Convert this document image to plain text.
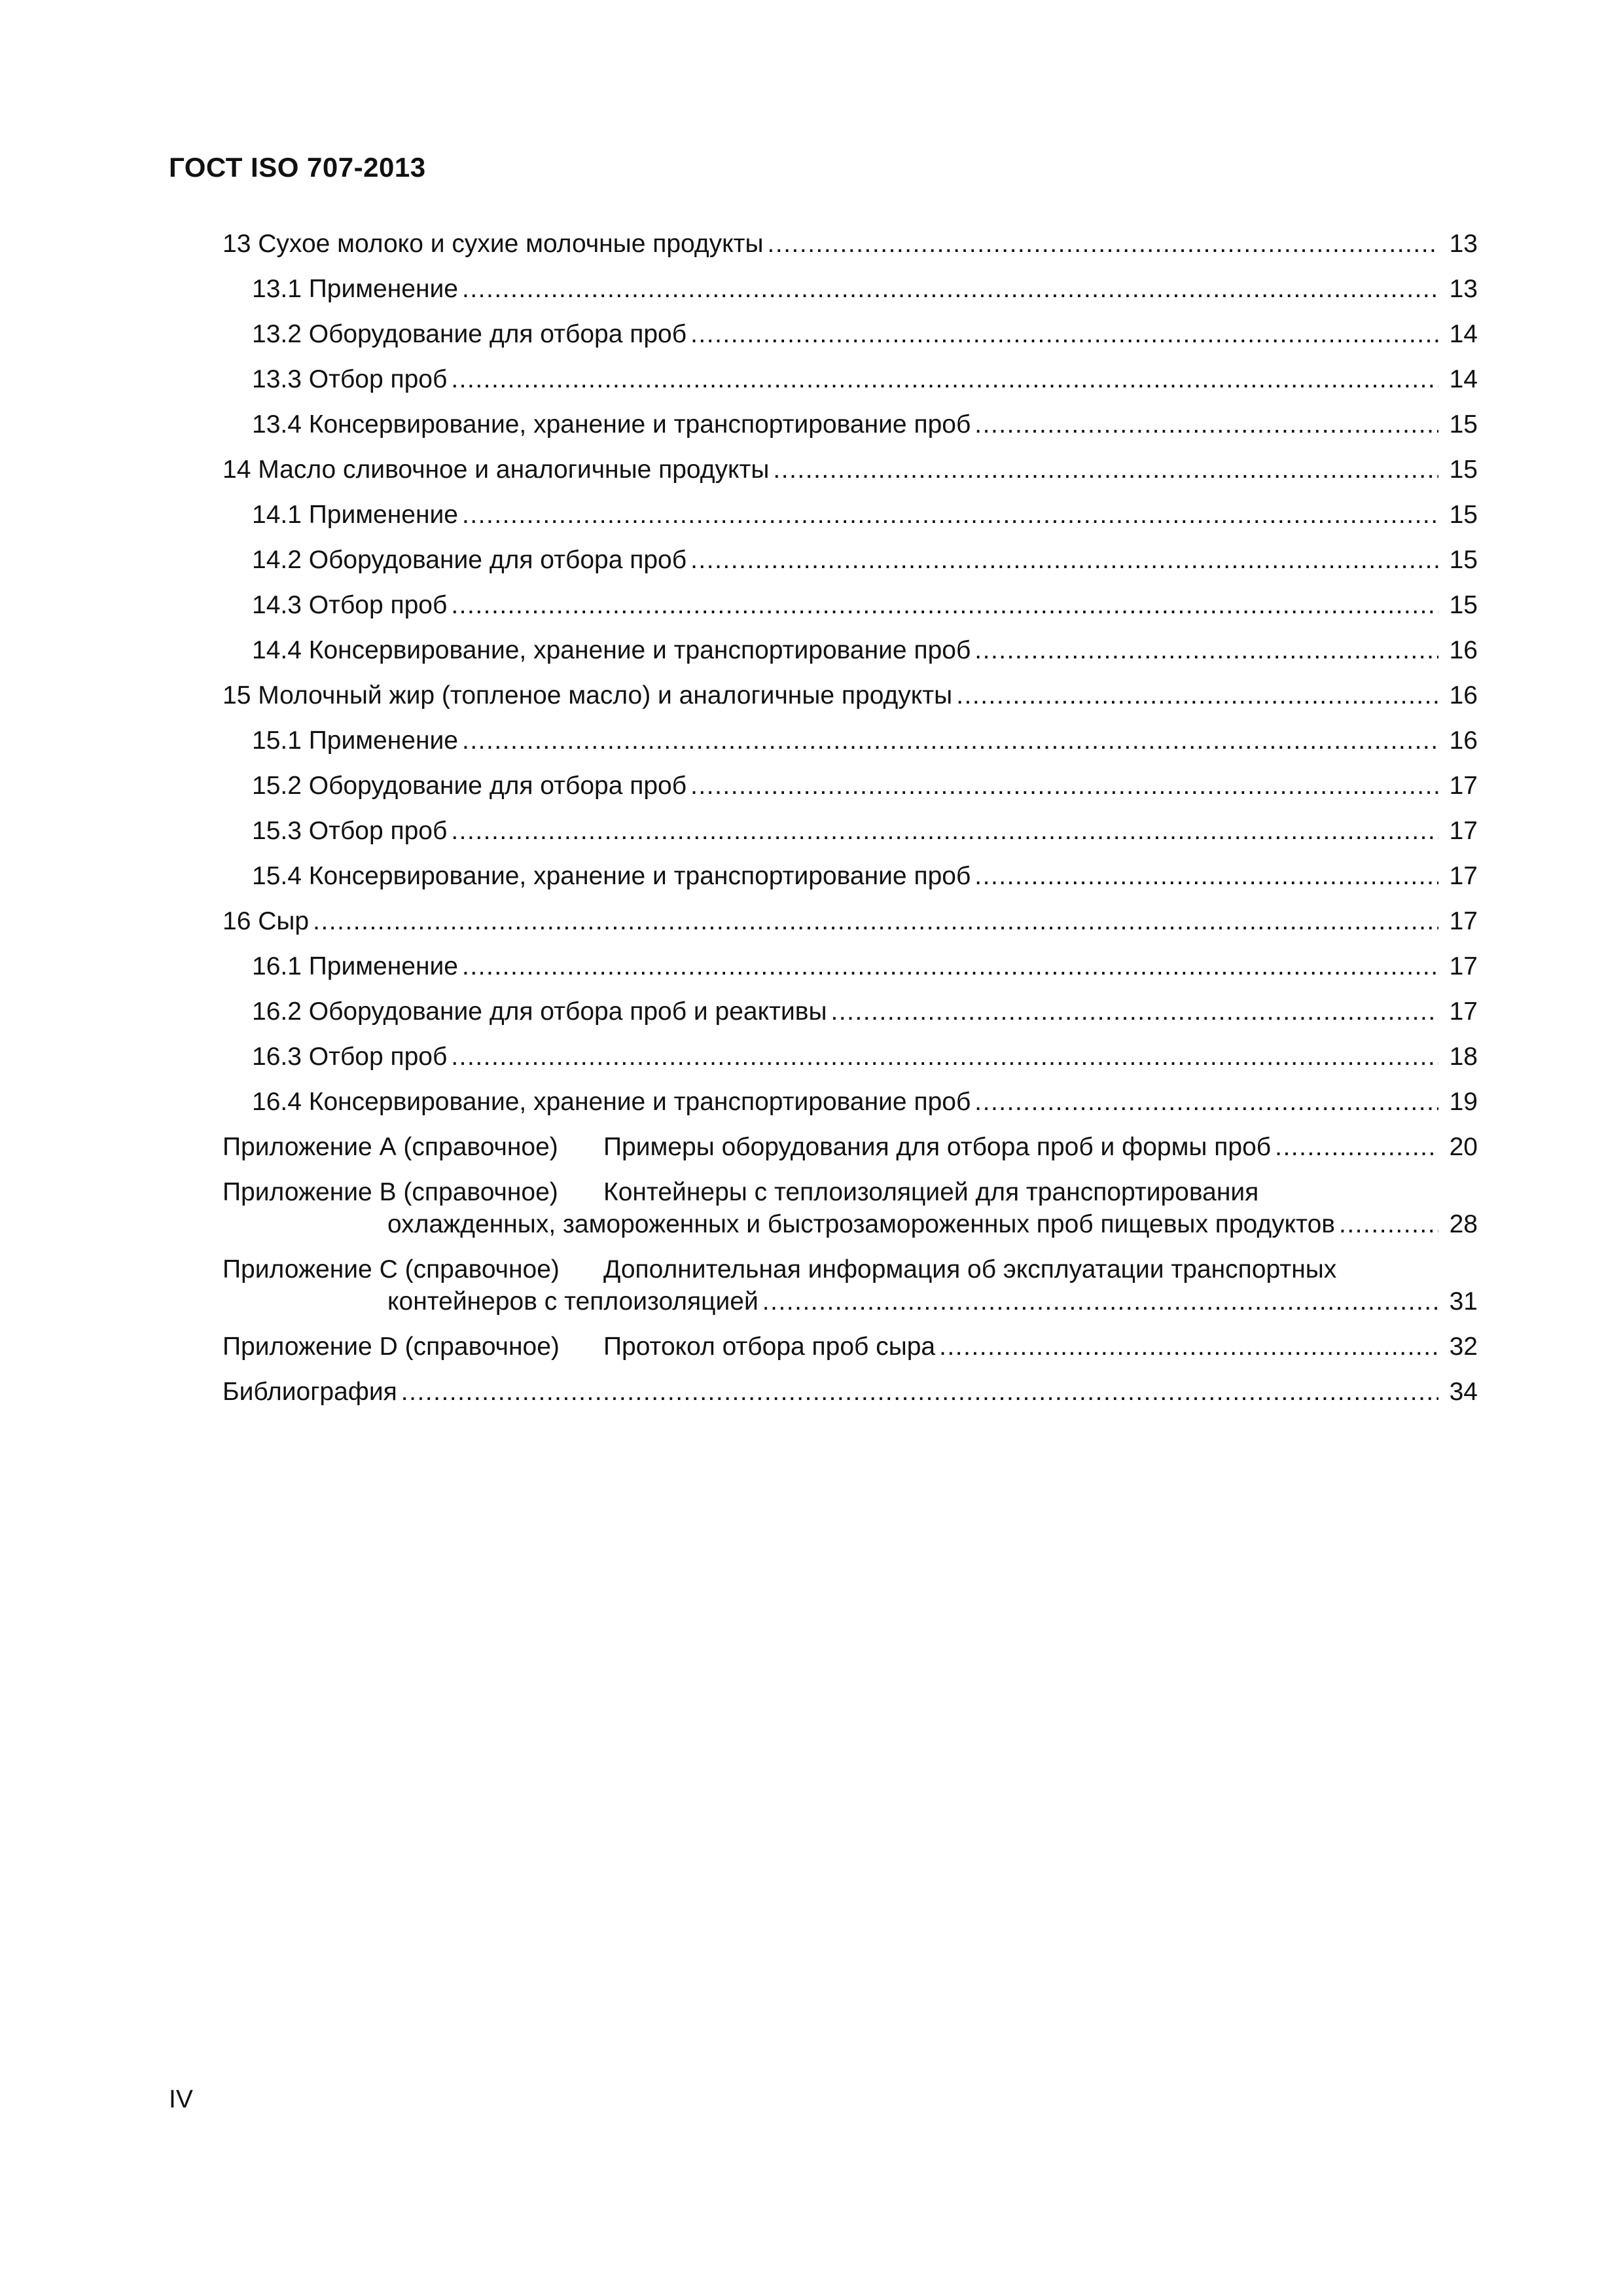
ГОСТ ISO 707-2013
13 Сухое молоко и сухие молочные продукты .....	13
13.1 Применение .....	13
13.2 Оборудование для отбора проб .....	14
13.3 Отбор проб .....	14
13.4 Консервирование, хранение и транспортирование проб .....	15
14 Масло сливочное и аналогичные продукты .....	15
14.1 Применение .....	15
14.2 Оборудование для отбора проб .....	15
14.3 Отбор проб .....	15
14.4 Консервирование, хранение и транспортирование проб .....	16
15 Молочный жир (топленое масло) и аналогичные продукты .....	16
15.1 Применение .....	16
15.2 Оборудование для отбора проб .....	17
15.3 Отбор проб .....	17
15.4 Консервирование, хранение и транспортирование проб .....	17
16 Сыр .....	17
16.1 Применение .....	17
16.2 Оборудование для отбора проб и реактивы .....	17
16.3 Отбор проб .....	18
16.4 Консервирование, хранение и транспортирование проб .....	19
Приложение А (справочное) Примеры оборудования для отбора проб и формы проб .....	20
Приложение В (справочное) Контейнеры с теплоизоляцией для транспортирования
охлажденных, замороженных и быстрозамороженных проб пищевых продуктов .....	28
Приложение С (справочное) Дополнительная информация об эксплуатации транспортных
контейнеров с теплоизоляцией .....	31
Приложение D (справочное) Протокол отбора проб сыра .....	32
Библиография .....	34
IV
